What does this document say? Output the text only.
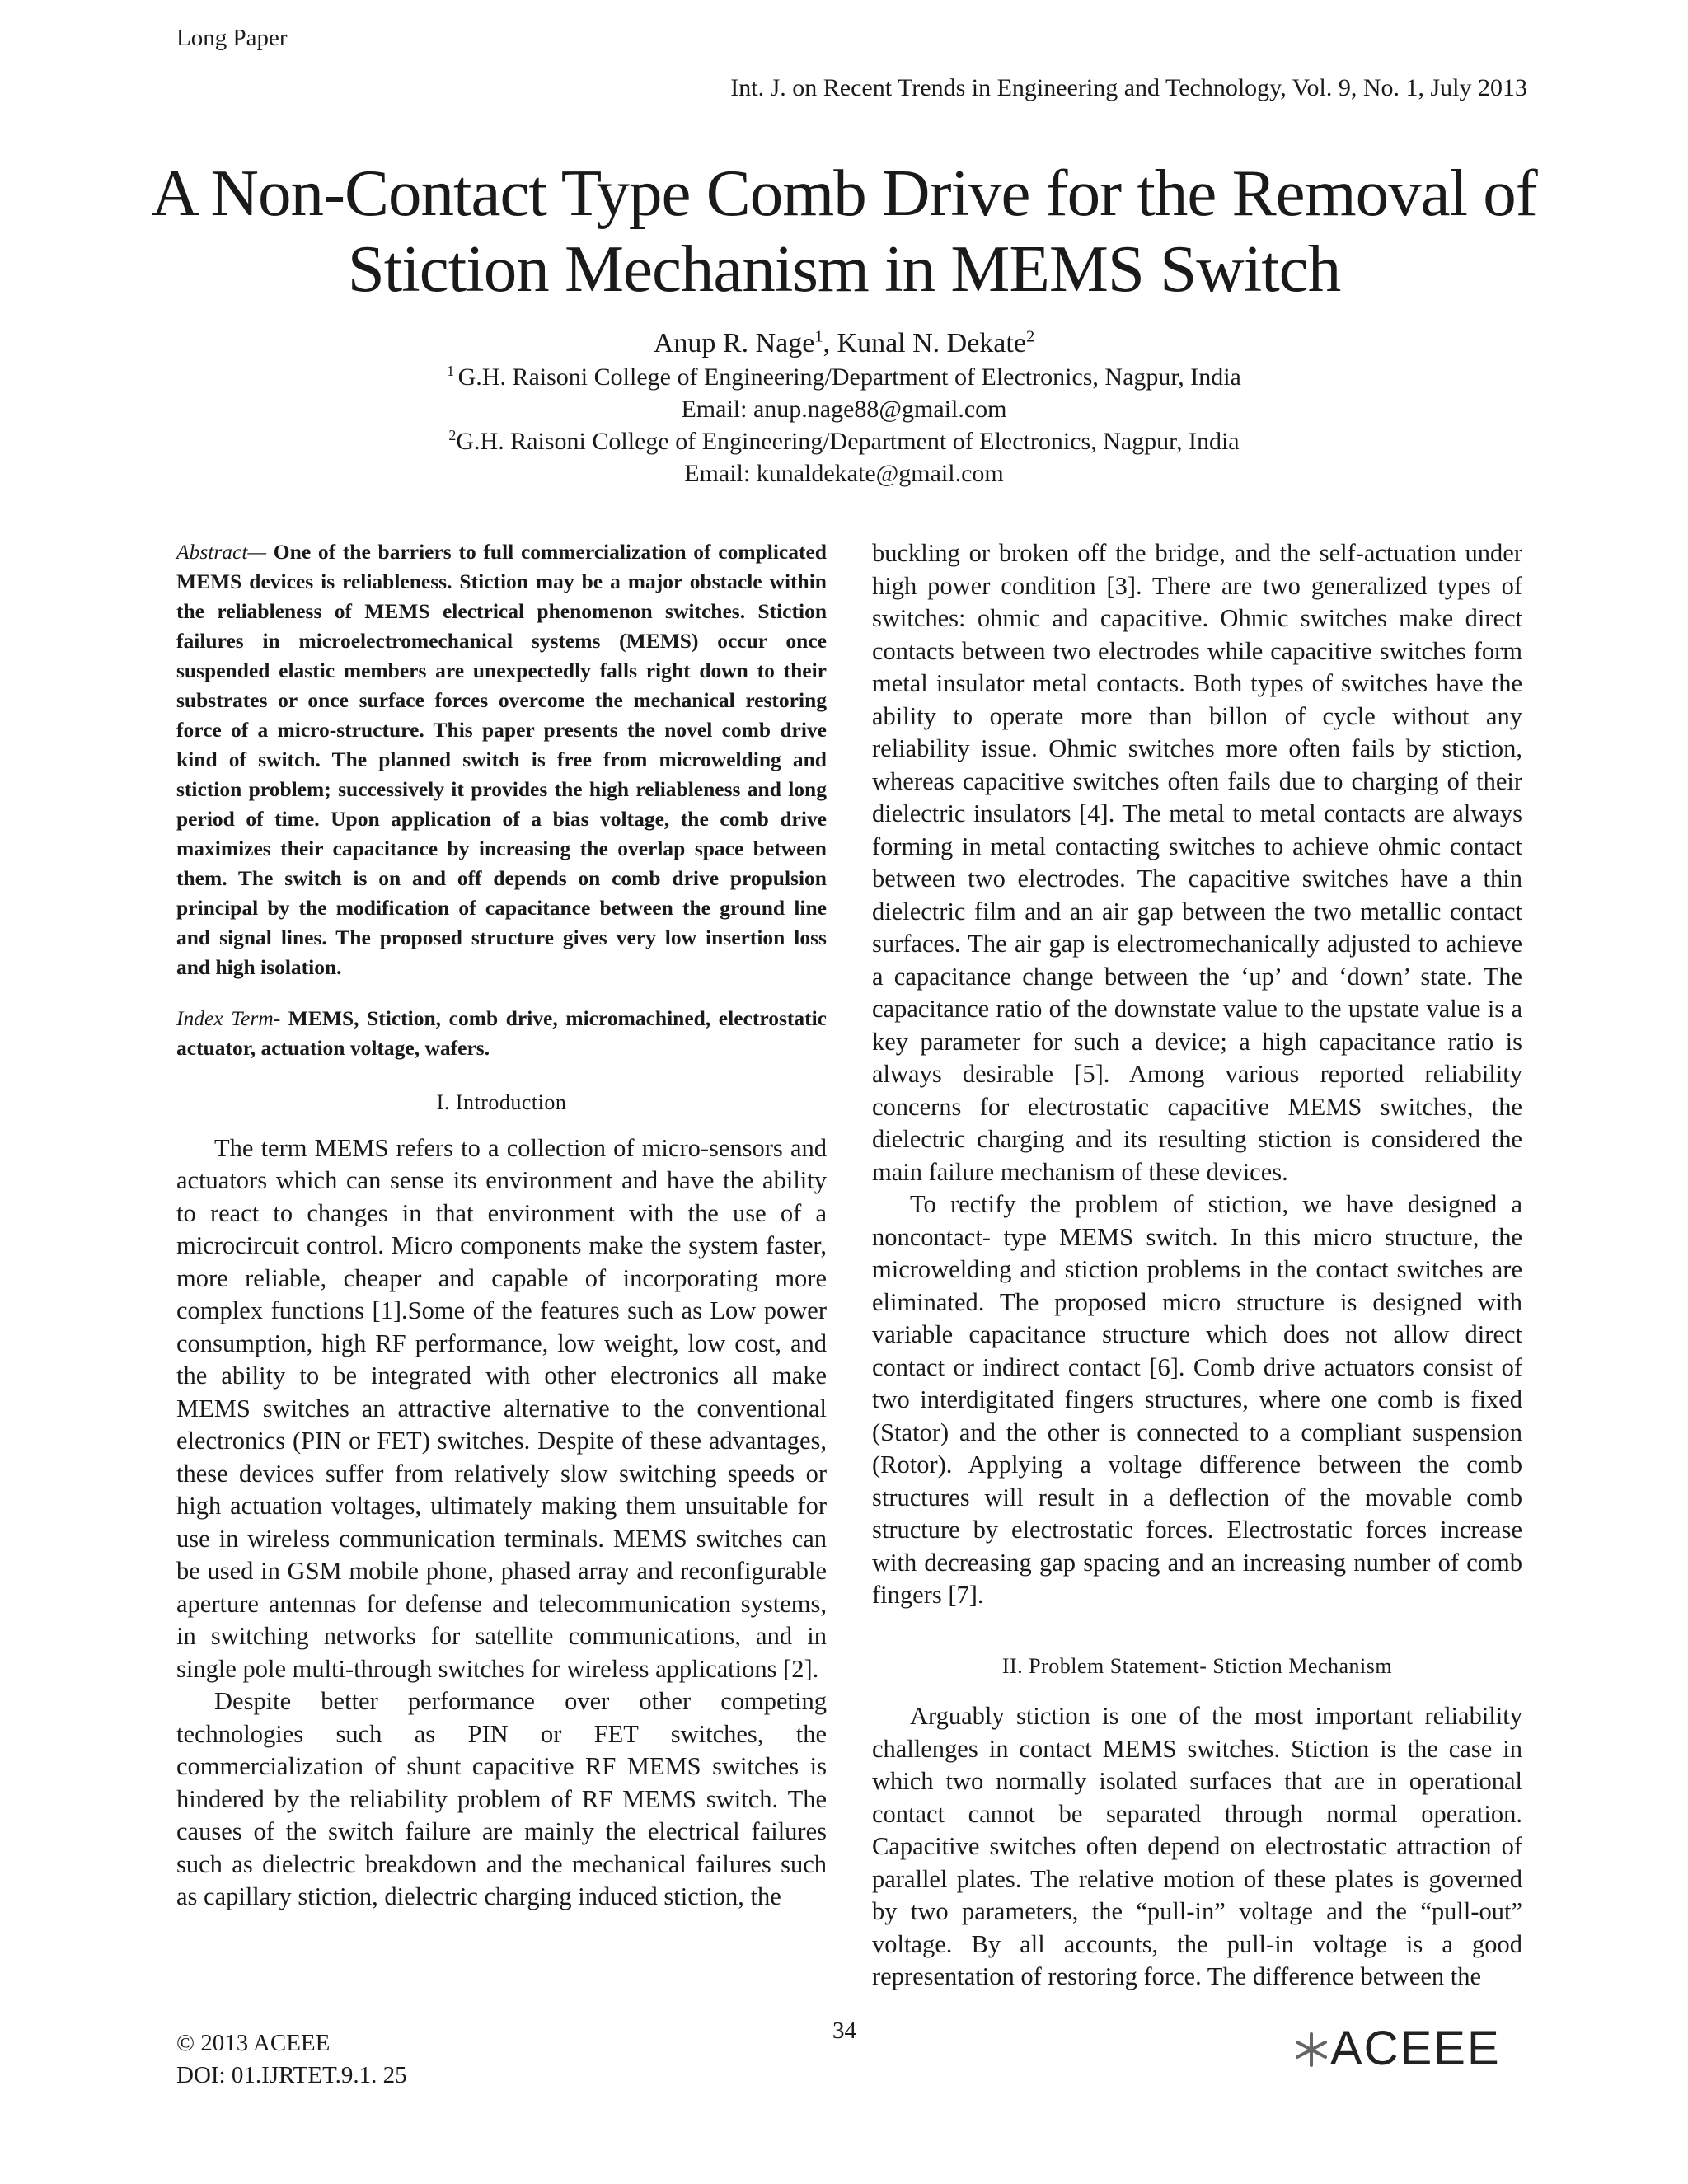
Long Paper
Int. J. on Recent Trends in Engineering and Technology, Vol. 9, No. 1, July 2013
A Non-Contact Type Comb Drive for the Removal of
Stiction Mechanism in MEMS Switch
Anup R. Nage$^1$, Kunal N. Dekate$^2$
$^1$ G.H. Raisoni College of Engineering/Department of Electronics, Nagpur, India
Email: anup.nage88@gmail.com
$^2$G.H. Raisoni College of Engineering/Department of Electronics, Nagpur, India
Email: kunaldekate@gmail.com

Abstract— One of the barriers to full commercialization of complicated MEMS devices is reliableness. Stiction may be a major obstacle within the reliableness of MEMS electrical phenomenon switches. Stiction failures in microelectromechanical systems (MEMS) occur once suspended elastic members are unexpectedly falls right down to their substrates or once surface forces overcome the mechanical restoring force of a micro-structure. This paper presents the novel comb drive kind of switch. The planned switch is free from microwelding and stiction problem; successively it provides the high reliableness and long period of time. Upon application of a bias voltage, the comb drive maximizes their capacitance by increasing the overlap space between them. The switch is on and off depends on comb drive propulsion principal by the modification of capacitance between the ground line and signal lines. The proposed structure gives very low insertion loss and high isolation.

Index Term- MEMS, Stiction, comb drive, micromachined, electrostatic actuator, actuation voltage, wafers.

I. Introduction

The term MEMS refers to a collection of micro-sensors and actuators which can sense its environment and have the ability to react to changes in that environment with the use of a microcircuit control. Micro components make the system faster, more reliable, cheaper and capable of incorporating more complex functions [1].Some of the features such as Low power consumption, high RF performance, low weight, low cost, and the ability to be integrated with other electronics all make MEMS switches an attractive alternative to the conventional electronics (PIN or FET) switches. Despite of these advantages, these devices suffer from relatively slow switching speeds or high actuation voltages, ultimately making them unsuitable for use in wireless communication terminals. MEMS switches can be used in GSM mobile phone, phased array and reconfigurable aperture antennas for defense and telecommunication systems, in switching networks for satellite communications, and in single pole multi-through switches for wireless applications [2].

Despite better performance over other competing technologies such as PIN or FET switches, the commercialization of shunt capacitive RF MEMS switches is hindered by the reliability problem of RF MEMS switch. The causes of the switch failure are mainly the electrical failures such as dielectric breakdown and the mechanical failures such as capillary stiction, dielectric charging induced stiction, the

buckling or broken off the bridge, and the self-actuation under high power condition [3]. There are two generalized types of switches: ohmic and capacitive. Ohmic switches make direct contacts between two electrodes while capacitive switches form metal insulator metal contacts. Both types of switches have the ability to operate more than billon of cycle without any reliability issue. Ohmic switches more often fails by stiction, whereas capacitive switches often fails due to charging of their dielectric insulators [4]. The metal to metal contacts are always forming in metal contacting switches to achieve ohmic contact between two electrodes. The capacitive switches have a thin dielectric film and an air gap between the two metallic contact surfaces. The air gap is electromechanically adjusted to achieve a capacitance change between the ‘up’ and ‘down’ state. The capacitance ratio of the downstate value to the upstate value is a key parameter for such a device; a high capacitance ratio is always desirable [5]. Among various reported reliability concerns for electrostatic capacitive MEMS switches, the dielectric charging and its resulting stiction is considered the main failure mechanism of these devices.

To rectify the problem of stiction, we have designed a noncontact- type MEMS switch. In this micro structure, the microwelding and stiction problems in the contact switches are eliminated. The proposed micro structure is designed with variable capacitance structure which does not allow direct contact or indirect contact [6]. Comb drive actuators consist of two interdigitated fingers structures, where one comb is fixed (Stator) and the other is connected to a compliant suspension (Rotor). Applying a voltage difference between the comb structures will result in a deflection of the movable comb structure by electrostatic forces. Electrostatic forces increase with decreasing gap spacing and an increasing number of comb fingers [7].

II. Problem Statement- Stiction Mechanism

Arguably stiction is one of the most important reliability challenges in contact MEMS switches. Stiction is the case in which two normally isolated surfaces that are in operational contact cannot be separated through normal operation. Capacitive switches often depend on electrostatic attraction of parallel plates. The relative motion of these plates is governed by two parameters, the “pull-in” voltage and the “pull-out” voltage. By all accounts, the pull-in voltage is a good representation of restoring force. The difference between the

© 2013 ACEEE
DOI: 01.IJRTET.9.1. 25
34	ACEEE
